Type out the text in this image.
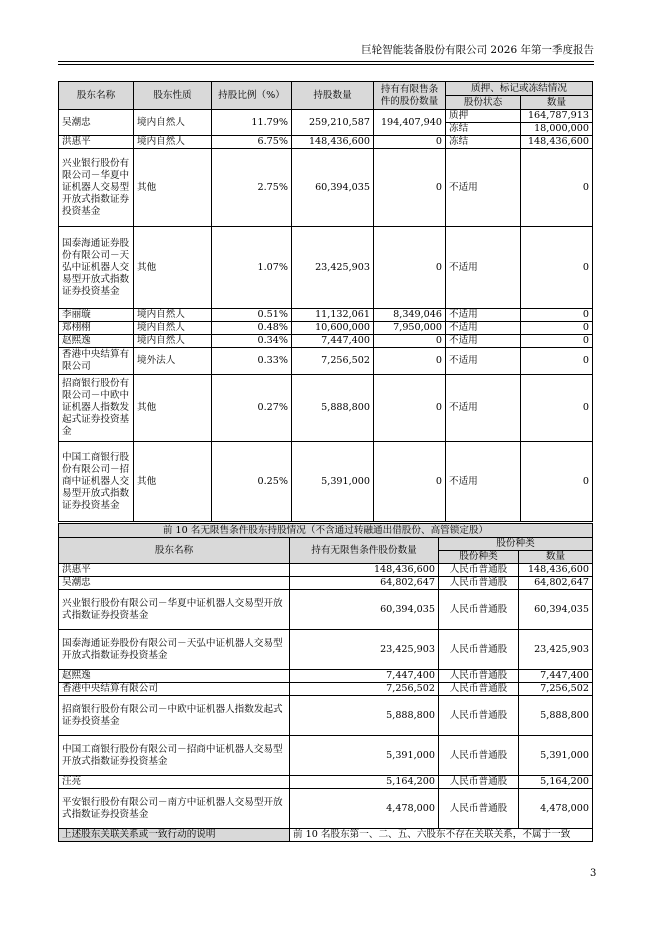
巨轮智能装备股份有限公司 2026 年第一季度报告
股东名称	股东性质	持股比例（%）	持股数量	持有有限售条件的股份数量	质押、标记或冻结情况	
					股份状态	数量
吴潮忠	境内自然人	11.79%	259,210,587	194,407,940	质押	164,787,913
					冻结	18,000,000
洪惠平	境内自然人	6.75%	148,436,600	0	冻结	148,436,600
兴业银行股份有限公司－华夏中证机器人交易型开放式指数证券投资基金	其他	2.75%	60,394,035	0	不适用	0
国泰海通证券股份有限公司－天弘中证机器人交易型开放式指数证券投资基金	其他	1.07%	23,425,903	0	不适用	0
李丽璇	境内自然人	0.51%	11,132,061	8,349,046	不适用	0
郑栩栩	境内自然人	0.48%	10,600,000	7,950,000	不适用	0
赵熙逸	境内自然人	0.34%	7,447,400	0	不适用	0
香港中央结算有限公司	境外法人	0.33%	7,256,502	0	不适用	0
招商银行股份有限公司－中欧中证机器人指数发起式证券投资基金	其他	0.27%	5,888,800	0	不适用	0
中国工商银行股份有限公司－招商中证机器人交易型开放式指数证券投资基金	其他	0.25%	5,391,000	0	不适用	0
前 10 名无限售条件股东持股情况（不含通过转融通出借股份、高管锁定股）			
股东名称	持有无限售条件股份数量	股份种类	
		股份种类	数量
洪惠平	148,436,600	人民币普通股	148,436,600
吴潮忠	64,802,647	人民币普通股	64,802,647
兴业银行股份有限公司－华夏中证机器人交易型开放式指数证券投资基金	60,394,035	人民币普通股	60,394,035
国泰海通证券股份有限公司－天弘中证机器人交易型开放式指数证券投资基金	23,425,903	人民币普通股	23,425,903
赵熙逸	7,447,400	人民币普通股	7,447,400
香港中央结算有限公司	7,256,502	人民币普通股	7,256,502
招商银行股份有限公司－中欧中证机器人指数发起式证券投资基金	5,888,800	人民币普通股	5,888,800
中国工商银行股份有限公司－招商中证机器人交易型开放式指数证券投资基金	5,391,000	人民币普通股	5,391,000
汪亮	5,164,200	人民币普通股	5,164,200
平安银行股份有限公司－南方中证机器人交易型开放式指数证券投资基金	4,478,000	人民币普通股	4,478,000
上述股东关联关系或一致行动的说明	前 10 名股东第一、二、五、六股东不存在关联关系，不属于一致		
3
